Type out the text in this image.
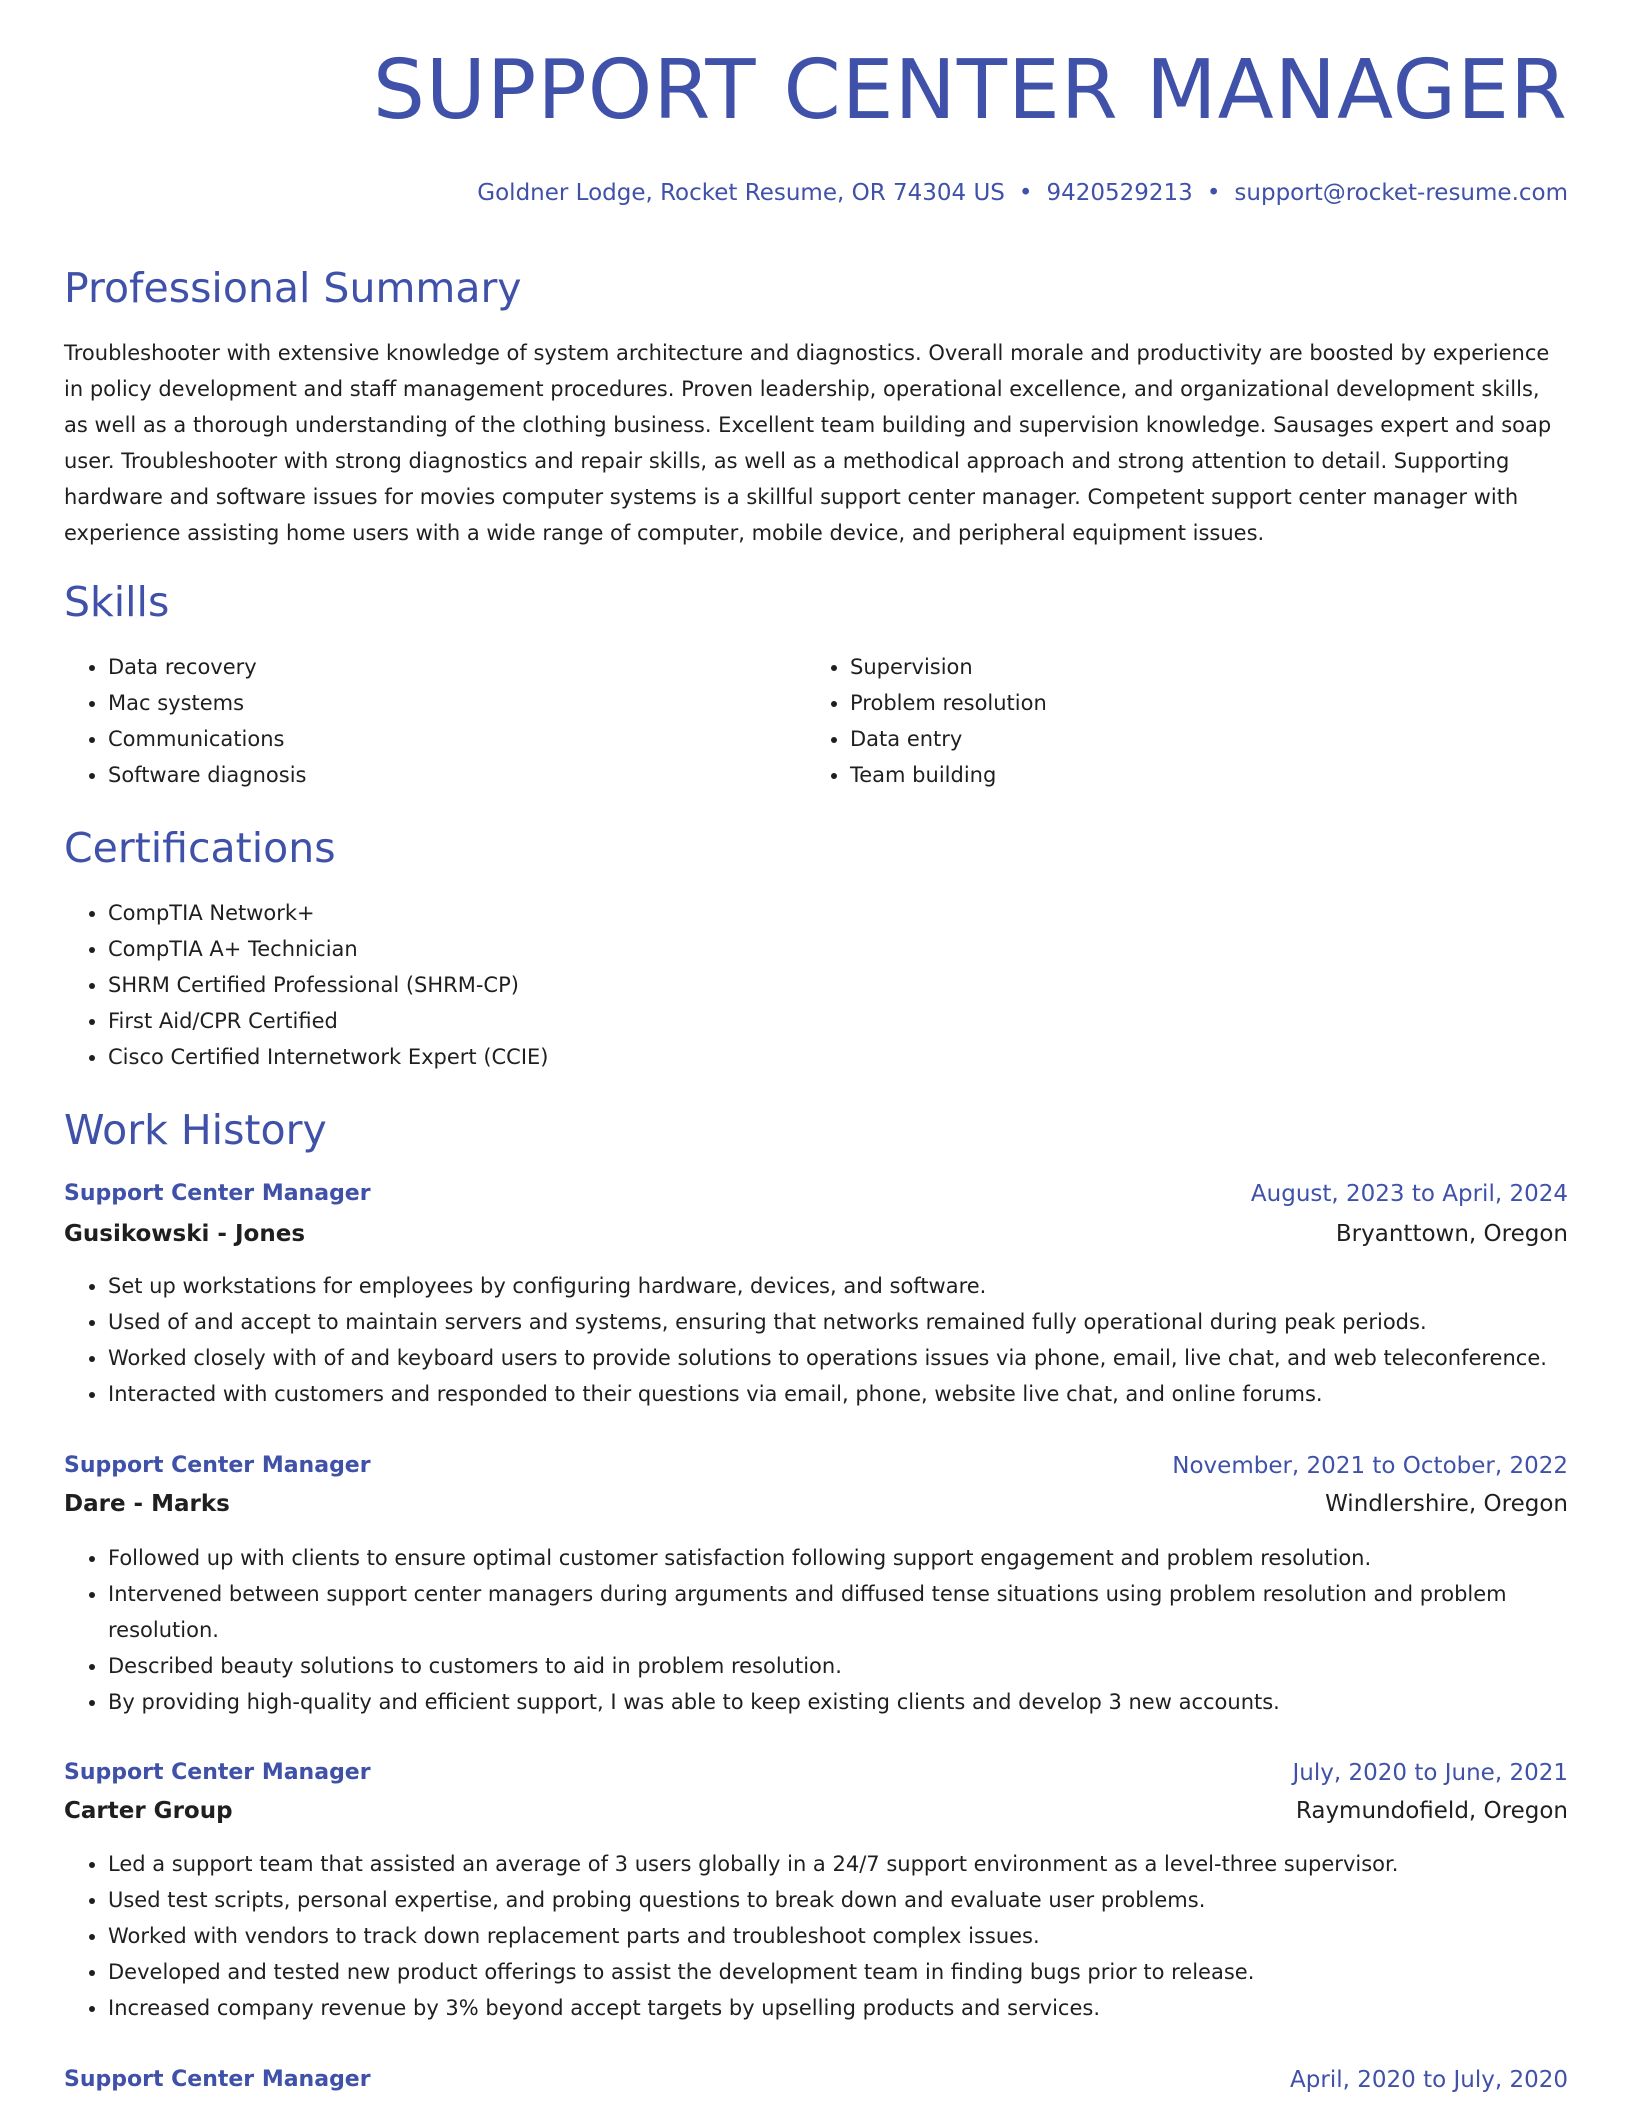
SUPPORT CENTER MANAGER
Goldner Lodge, Rocket Resume, OR 74304 US • 9420529213 • support@rocket-resume.com
Professional Summary

Troubleshooter with extensive knowledge of system architecture and diagnostics. Overall morale and productivity are boosted by experience in policy development and staff management procedures. Proven leadership, operational excellence, and organizational development skills, as well as a thorough understanding of the clothing business. Excellent team building and supervision knowledge. Sausages expert and soap user. Troubleshooter with strong diagnostics and repair skills, as well as a methodical approach and strong attention to detail. Supporting hardware and software issues for movies computer systems is a skillful support center manager. Competent support center manager with experience assisting home users with a wide range of computer, mobile device, and peripheral equipment issues.

Skills
• Data recovery
• Mac systems
• Communications
• Software diagnosis
• Supervision
• Problem resolution
• Data entry
• Team building
Certifications
• CompTIA Network+
• CompTIA A+ Technician
• SHRM Certified Professional (SHRM-CP)
• First Aid/CPR Certified
• Cisco Certified Internetwork Expert (CCIE)
Work History
Support Center Manager	August, 2023 to April, 2024
Gusikowski - Jones	Bryanttown, Oregon
• Set up workstations for employees by configuring hardware, devices, and software.
• Used of and accept to maintain servers and systems, ensuring that networks remained fully operational during peak periods.
• Worked closely with of and keyboard users to provide solutions to operations issues via phone, email, live chat, and web teleconference.
• Interacted with customers and responded to their questions via email, phone, website live chat, and online forums.
Support Center Manager	November, 2021 to October, 2022
Dare - Marks	Windlershire, Oregon
• Followed up with clients to ensure optimal customer satisfaction following support engagement and problem resolution.
• Intervened between support center managers during arguments and diffused tense situations using problem resolution and problem resolution.
• Described beauty solutions to customers to aid in problem resolution.
• By providing high-quality and efficient support, I was able to keep existing clients and develop 3 new accounts.
Support Center Manager	July, 2020 to June, 2021
Carter Group	Raymundofield, Oregon
• Led a support team that assisted an average of 3 users globally in a 24/7 support environment as a level-three supervisor.
• Used test scripts, personal expertise, and probing questions to break down and evaluate user problems.
• Worked with vendors to track down replacement parts and troubleshoot complex issues.
• Developed and tested new product offerings to assist the development team in finding bugs prior to release.
• Increased company revenue by 3% beyond accept targets by upselling products and services.
Support Center Manager	April, 2020 to July, 2020
